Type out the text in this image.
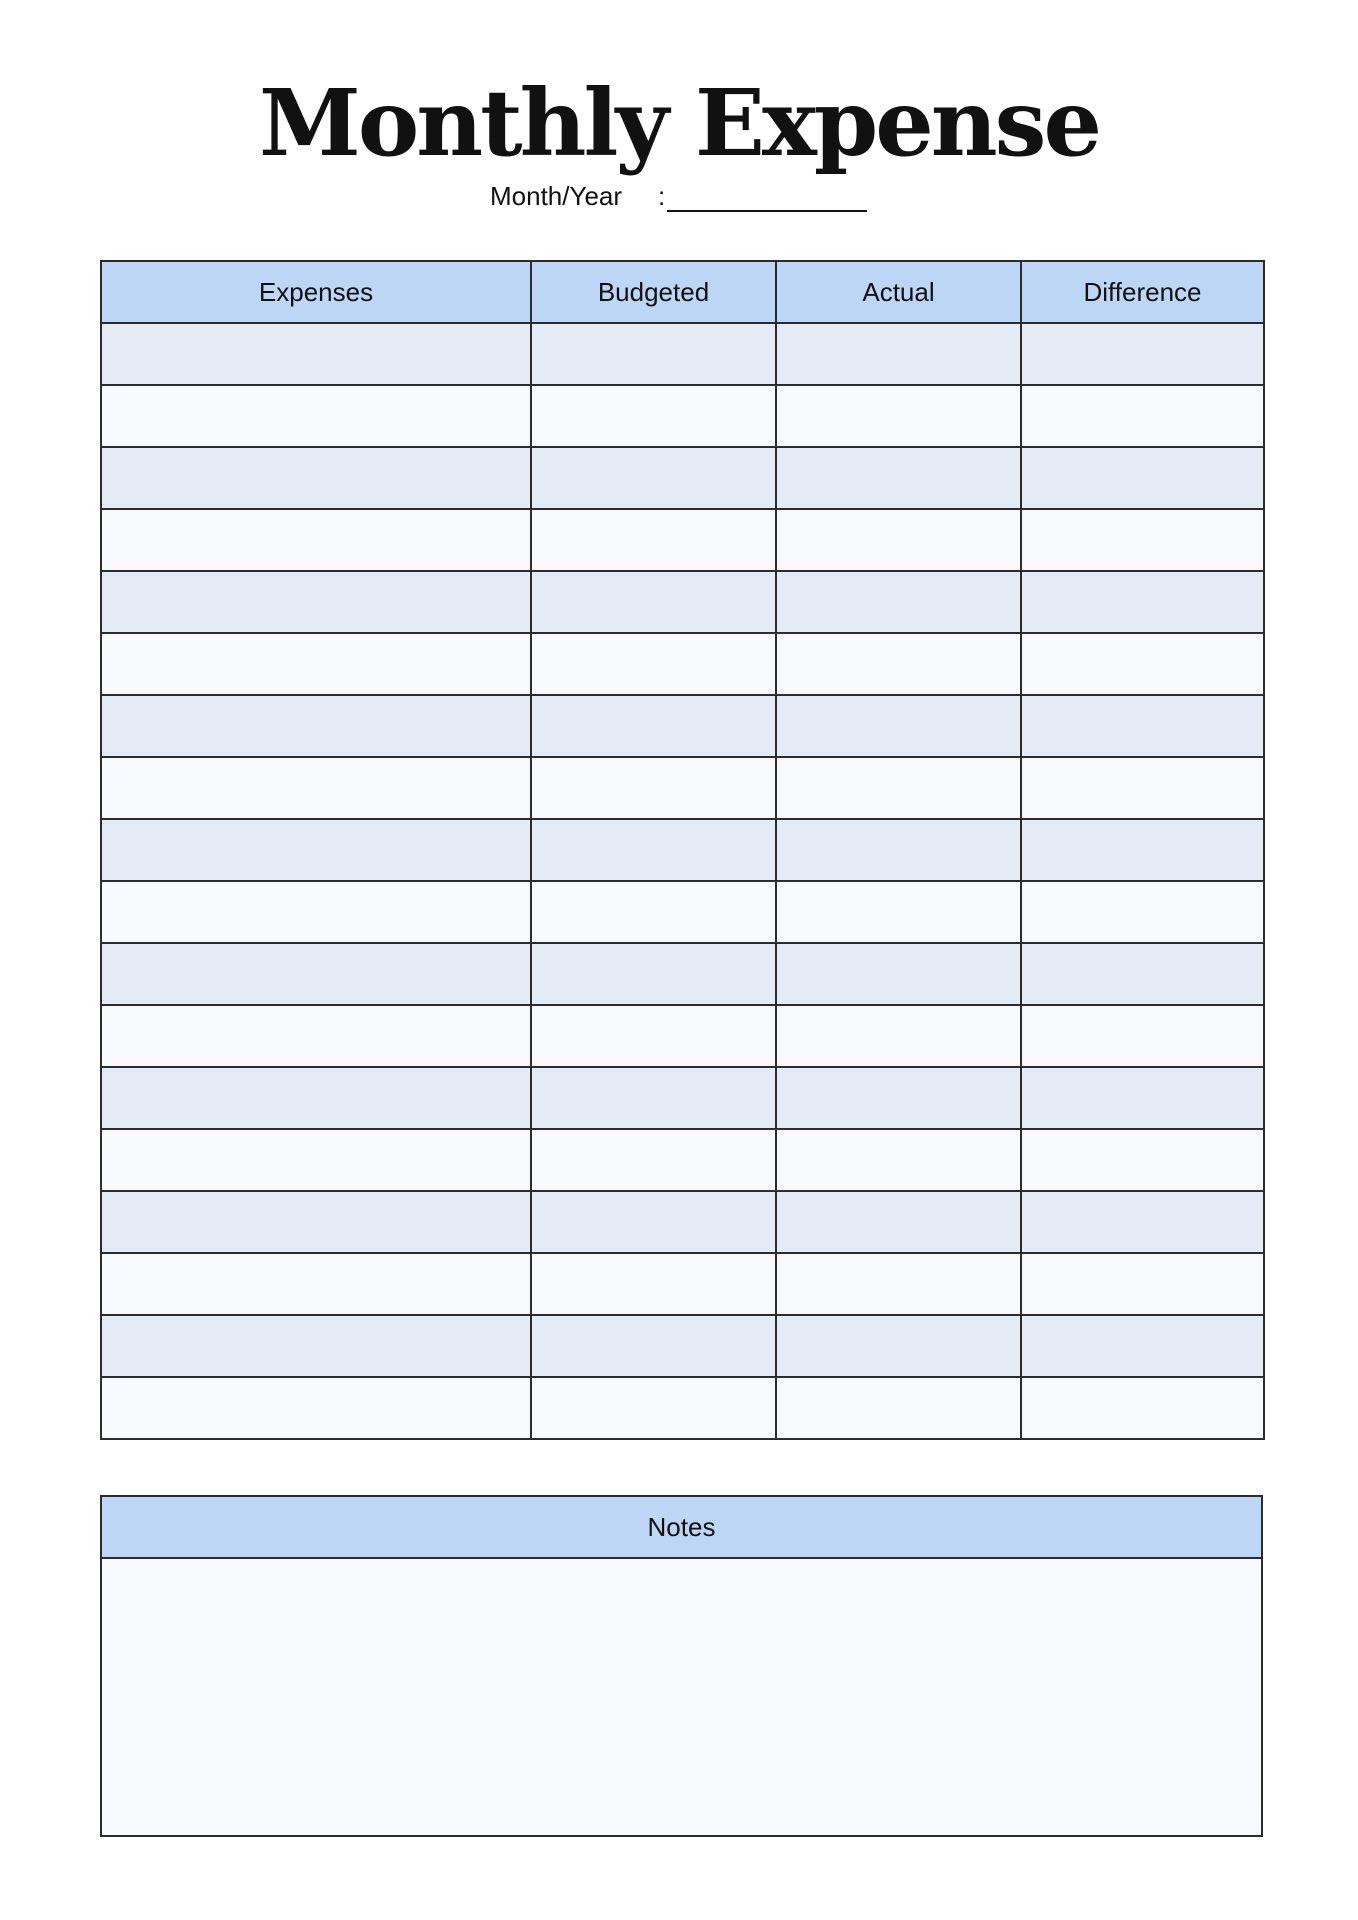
Monthly Expense
Month/Year :
Expenses	Budgeted	Actual	Difference

Notes
